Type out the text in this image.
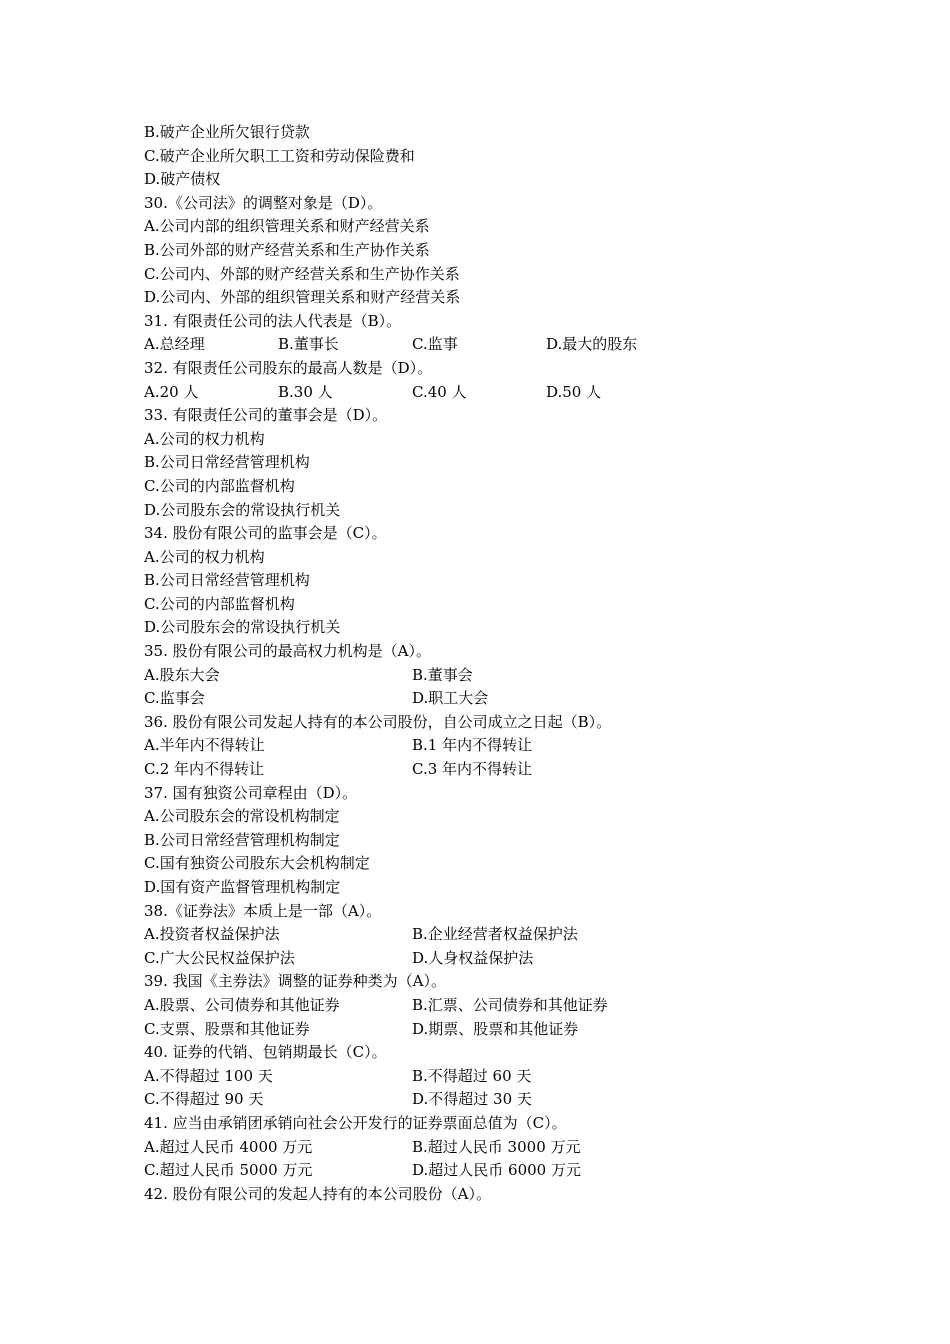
B.破产企业所欠银行贷款
C.破产企业所欠职工工资和劳动保险费和
D.破产债权
30.《公司法》的调整对象是（D）。
A.公司内部的组织管理关系和财产经营关系
B.公司外部的财产经营关系和生产协作关系
C.公司内、外部的财产经营关系和生产协作关系
D.公司内、外部的组织管理关系和财产经营关系
31. 有限责任公司的法人代表是（B）。
A.总经理	B.董事长	C.监事	D.最大的股东
32. 有限责任公司股东的最高人数是（D）。
A.20 人	B.30 人	C.40 人	D.50 人
33. 有限责任公司的董事会是（D）。
A.公司的权力机构
B.公司日常经营管理机构
C.公司的内部监督机构
D.公司股东会的常设执行机关
34. 股份有限公司的监事会是（C）。
A.公司的权力机构
B.公司日常经营管理机构
C.公司的内部监督机构
D.公司股东会的常设执行机关
35. 股份有限公司的最高权力机构是（A）。
A.股东大会	B.董事会
C.监事会	D.职工大会
36. 股份有限公司发起人持有的本公司股份，自公司成立之日起（B）。
A.半年内不得转让	B.1 年内不得转让
C.2 年内不得转让	C.3 年内不得转让
37. 国有独资公司章程由（D）。
A.公司股东会的常设机构制定
B.公司日常经营管理机构制定
C.国有独资公司股东大会机构制定
D.国有资产监督管理机构制定
38.《证券法》本质上是一部（A）。
A.投资者权益保护法	B.企业经营者权益保护法
C.广大公民权益保护法	D.人身权益保护法
39. 我国《主券法》调整的证券种类为（A）。
A.股票、公司债券和其他证券	B.汇票、公司债券和其他证券
C.支票、股票和其他证券	D.期票、股票和其他证券
40. 证券的代销、包销期最长（C）。
A.不得超过 100 天	B.不得超过 60 天
C.不得超过 90 天	D.不得超过 30 天
41. 应当由承销团承销向社会公开发行的证券票面总值为（C）。
A.超过人民币 4000 万元	B.超过人民币 3000 万元
C.超过人民币 5000 万元	D.超过人民币 6000 万元
42. 股份有限公司的发起人持有的本公司股份（A）。
